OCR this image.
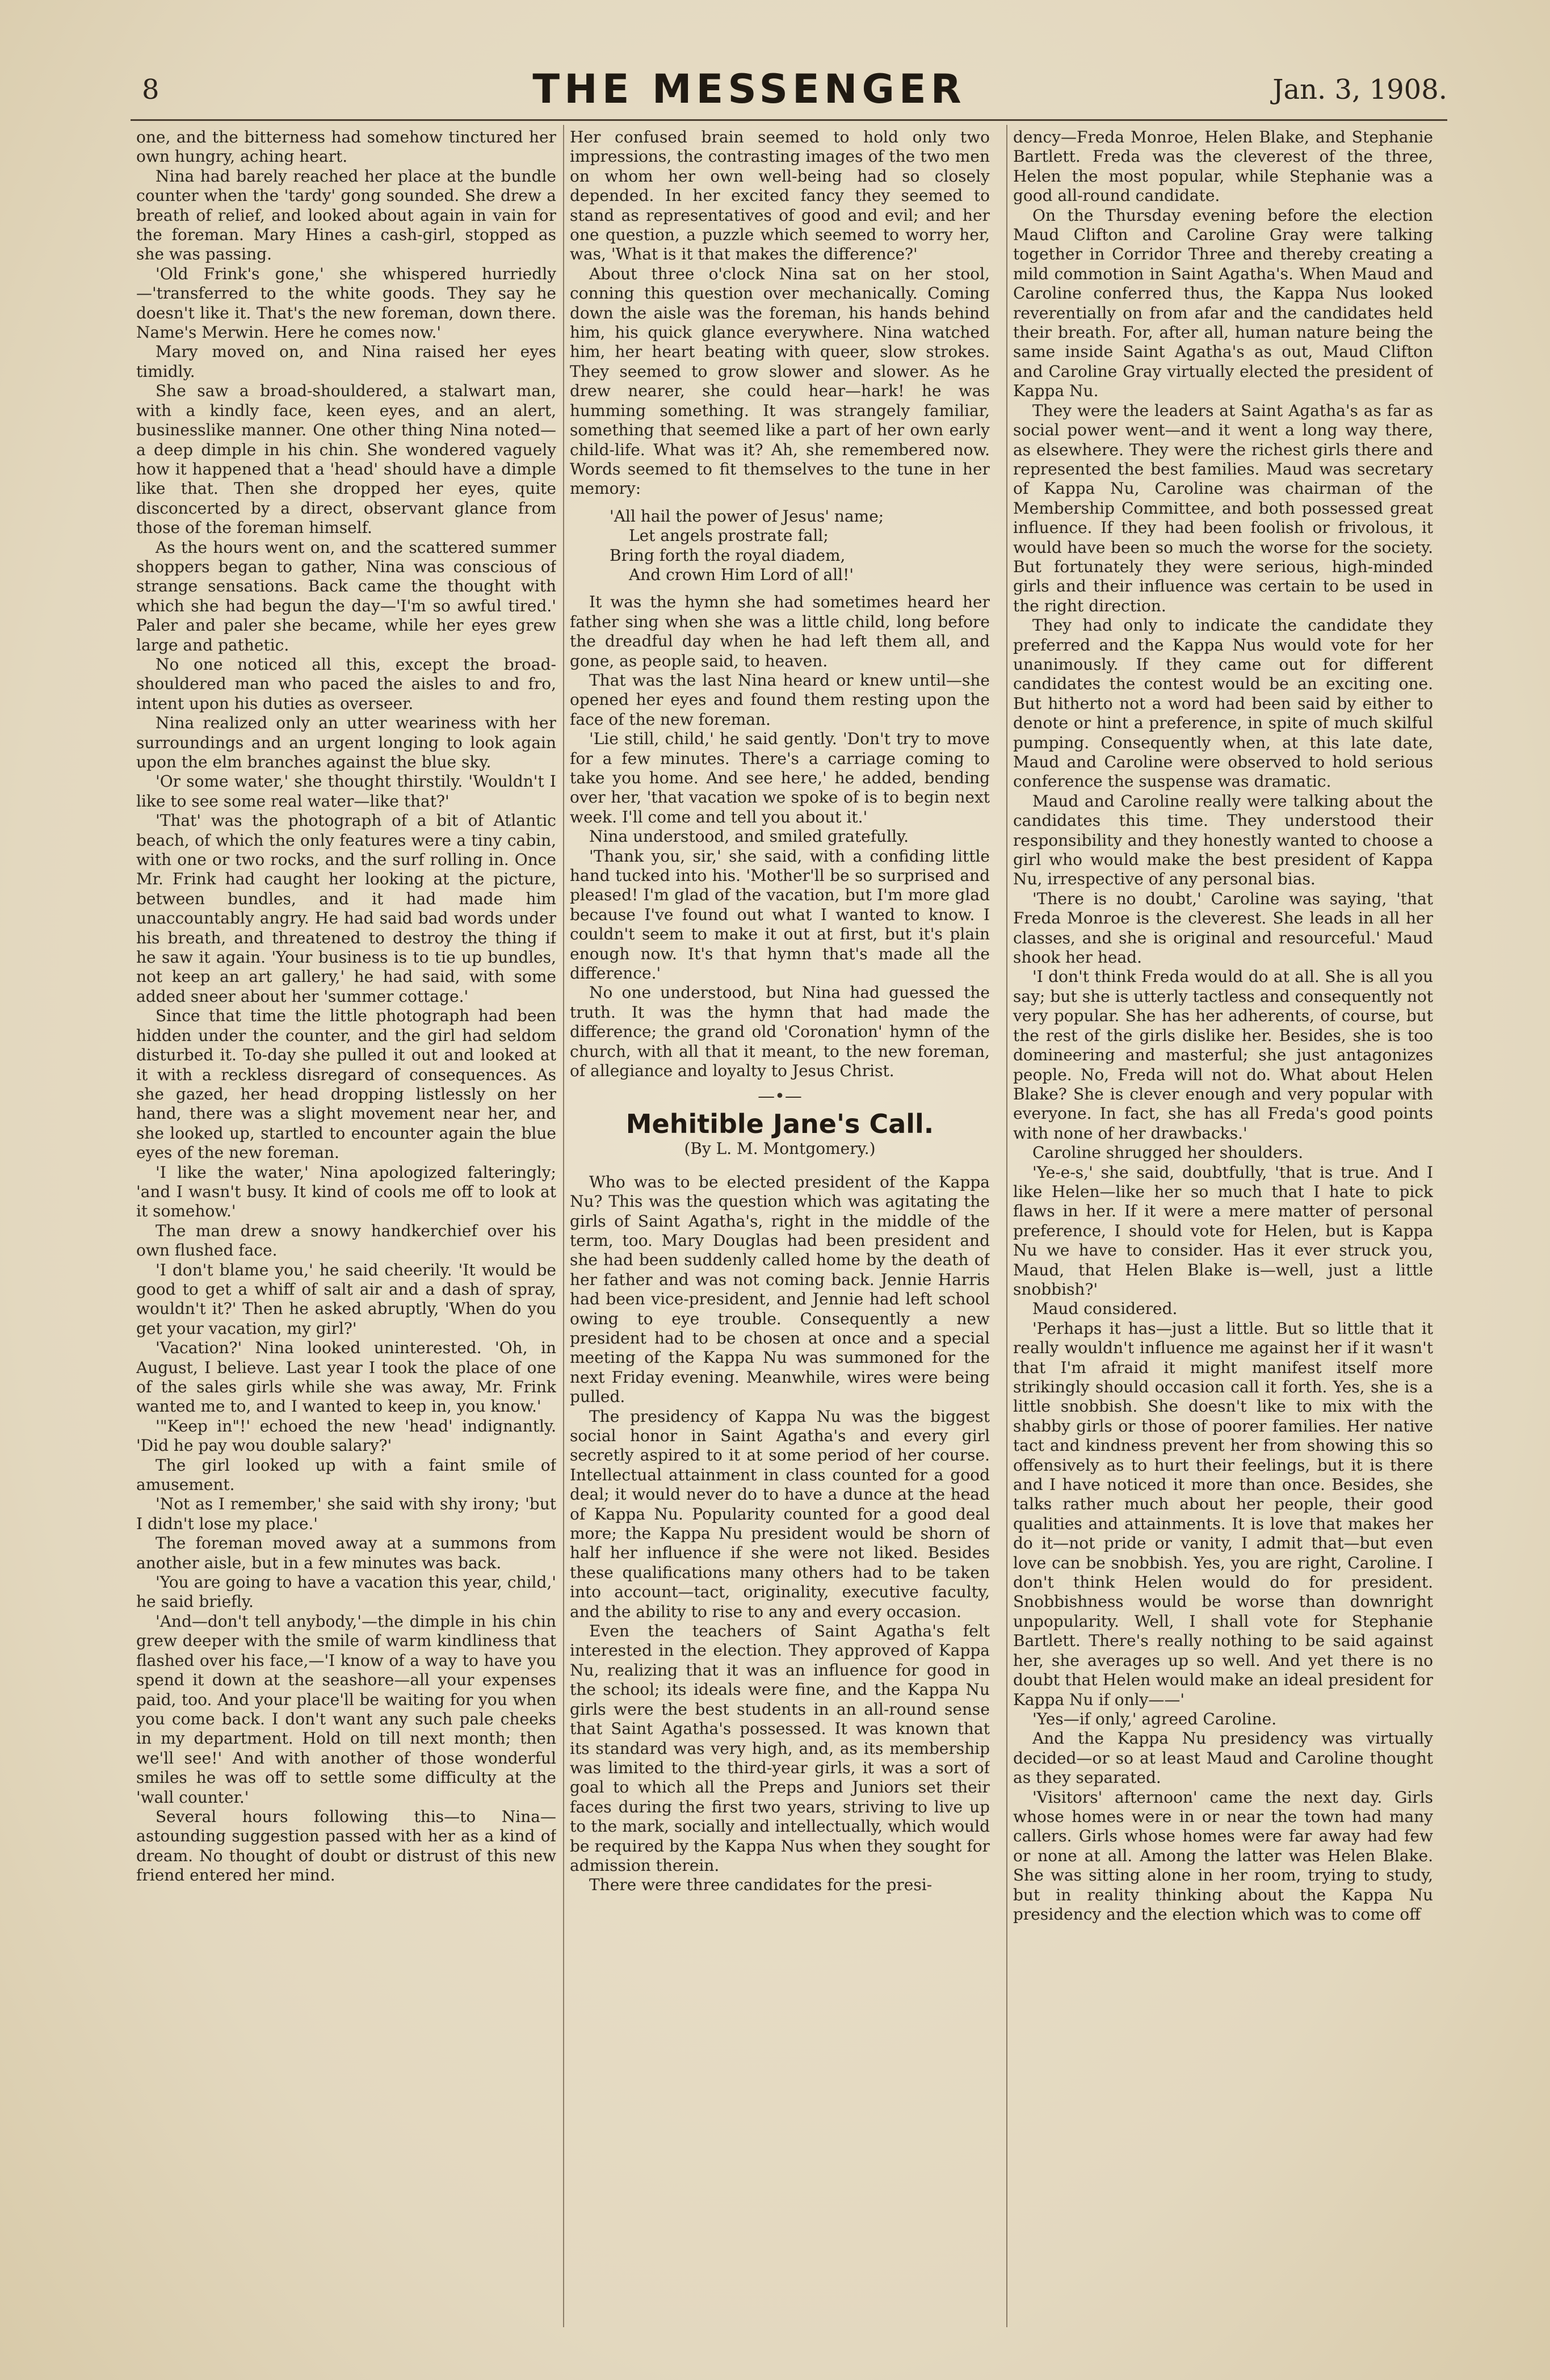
8	THE MESSENGER	Jan. 3, 1908.

one, and the bitterness had somehow tinctured her own hungry, aching heart.

Nina had barely reached her place at the bundle counter when the 'tardy' gong sounded. She drew a breath of relief, and looked about again in vain for the foreman. Mary Hines a cash-girl, stopped as she was passing.

'Old Frink's gone,' she whispered hurriedly —'transferred to the white goods. They say he doesn't like it. That's the new foreman, down there. Name's Merwin. Here he comes now.'

Mary moved on, and Nina raised her eyes timidly.

She saw a broad-shouldered, a stalwart man, with a kindly face, keen eyes, and an alert, businesslike manner. One other thing Nina noted—a deep dimple in his chin. She wondered vaguely how it happened that a 'head' should have a dimple like that. Then she dropped her eyes, quite disconcerted by a direct, observant glance from those of the foreman himself.

As the hours went on, and the scattered summer shoppers began to gather, Nina was conscious of strange sensations. Back came the thought with which she had begun the day—'I'm so awful tired.' Paler and paler she became, while her eyes grew large and pathetic.

No one noticed all this, except the broad-shouldered man who paced the aisles to and fro, intent upon his duties as overseer.

Nina realized only an utter weariness with her surroundings and an urgent longing to look again upon the elm branches against the blue sky.

'Or some water,' she thought thirstily. 'Wouldn't I like to see some real water—like that?'

'That' was the photograph of a bit of Atlantic beach, of which the only features were a tiny cabin, with one or two rocks, and the surf rolling in. Once Mr. Frink had caught her looking at the picture, between bundles, and it had made him unaccountably angry. He had said bad words under his breath, and threatened to destroy the thing if he saw it again. 'Your business is to tie up bundles, not keep an art gallery,' he had said, with some added sneer about her 'summer cottage.'

Since that time the little photograph had been hidden under the counter, and the girl had seldom disturbed it. To-day she pulled it out and looked at it with a reckless disregard of consequences. As she gazed, her head dropping listlessly on her hand, there was a slight movement near her, and she looked up, startled to encounter again the blue eyes of the new foreman.

'I like the water,' Nina apologized falteringly; 'and I wasn't busy. It kind of cools me off to look at it somehow.'

The man drew a snowy handkerchief over his own flushed face.

'I don't blame you,' he said cheerily. 'It would be good to get a whiff of salt air and a dash of spray, wouldn't it?' Then he asked abruptly, 'When do you get your vacation, my girl?'

'Vacation?' Nina looked uninterested. 'Oh, in August, I believe. Last year I took the place of one of the sales girls while she was away, Mr. Frink wanted me to, and I wanted to keep in, you know.'

'"Keep in"!' echoed the new 'head' indignantly. 'Did he pay wou double salary?'

The girl looked up with a faint smile of amusement.

'Not as I remember,' she said with shy irony; 'but I didn't lose my place.'

The foreman moved away at a summons from another aisle, but in a few minutes was back.

'You are going to have a vacation this year, child,' he said briefly.

'And—don't tell anybody,'—the dimple in his chin grew deeper with the smile of warm kindliness that flashed over his face,—'I know of a way to have you spend it down at the seashore—all your expenses paid, too. And your place'll be waiting for you when you come back. I don't want any such pale cheeks in my department. Hold on till next month; then we'll see!' And with another of those wonderful smiles he was off to settle some difficulty at the 'wall counter.'

Several hours following this—to Nina—astounding suggestion passed with her as a kind of dream. No thought of doubt or distrust of this new friend entered her mind.

Her confused brain seemed to hold only two impressions, the contrasting images of the two men on whom her own well-being had so closely depended. In her excited fancy they seemed to stand as representatives of good and evil; and her one question, a puzzle which seemed to worry her, was, 'What is it that makes the difference?'

About three o'clock Nina sat on her stool, conning this question over mechanically. Coming down the aisle was the foreman, his hands behind him, his quick glance everywhere. Nina watched him, her heart beating with queer, slow strokes. They seemed to grow slower and slower. As he drew nearer, she could hear—hark! he was humming something. It was strangely familiar, something that seemed like a part of her own early child-life. What was it? Ah, she remembered now. Words seemed to fit themselves to the tune in her memory:

'All hail the power of Jesus' name;
Let angels prostrate fall;
Bring forth the royal diadem,
And crown Him Lord of all!'

It was the hymn she had sometimes heard her father sing when she was a little child, long before the dreadful day when he had left them all, and gone, as people said, to heaven.

That was the last Nina heard or knew until—she opened her eyes and found them resting upon the face of the new foreman.

'Lie still, child,' he said gently. 'Don't try to move for a few minutes. There's a carriage coming to take you home. And see here,' he added, bending over her, 'that vacation we spoke of is to begin next week. I'll come and tell you about it.'

Nina understood, and smiled gratefully.

'Thank you, sir,' she said, with a confiding little hand tucked into his. 'Mother'll be so surprised and pleased! I'm glad of the vacation, but I'm more glad because I've found out what I wanted to know. I couldn't seem to make it out at first, but it's plain enough now. It's that hymn that's made all the difference.'

No one understood, but Nina had guessed the truth. It was the hymn that had made the difference; the grand old 'Coronation' hymn of the church, with all that it meant, to the new foreman, of allegiance and loyalty to Jesus Christ.

—•—
Mehitible Jane's Call.
(By L. M. Montgomery.)

Who was to be elected president of the Kappa Nu? This was the question which was agitating the girls of Saint Agatha's, right in the middle of the term, too. Mary Douglas had been president and she had been suddenly called home by the death of her father and was not coming back. Jennie Harris had been vice-president, and Jennie had left school owing to eye trouble. Consequently a new president had to be chosen at once and a special meeting of the Kappa Nu was summoned for the next Friday evening. Meanwhile, wires were being pulled.

The presidency of Kappa Nu was the biggest social honor in Saint Agatha's and every girl secretly aspired to it at some period of her course. Intellectual attainment in class counted for a good deal; it would never do to have a dunce at the head of Kappa Nu. Popularity counted for a good deal more; the Kappa Nu president would be shorn of half her influence if she were not liked. Besides these qualifications many others had to be taken into account—tact, originality, executive faculty, and the ability to rise to any and every occasion.

Even the teachers of Saint Agatha's felt interested in the election. They approved of Kappa Nu, realizing that it was an influence for good in the school; its ideals were fine, and the Kappa Nu girls were the best students in an all-round sense that Saint Agatha's possessed. It was known that its standard was very high, and, as its membership was limited to the third-year girls, it was a sort of goal to which all the Preps and Juniors set their faces during the first two years, striving to live up to the mark, socially and intellectually, which would be required by the Kappa Nus when they sought for admission therein.

There were three candidates for the presi-

dency—Freda Monroe, Helen Blake, and Stephanie Bartlett. Freda was the cleverest of the three, Helen the most popular, while Stephanie was a good all-round candidate.

On the Thursday evening before the election Maud Clifton and Caroline Gray were talking together in Corridor Three and thereby creating a mild commotion in Saint Agatha's. When Maud and Caroline conferred thus, the Kappa Nus looked reverentially on from afar and the candidates held their breath. For, after all, human nature being the same inside Saint Agatha's as out, Maud Clifton and Caroline Gray virtually elected the president of Kappa Nu.

They were the leaders at Saint Agatha's as far as social power went—and it went a long way there, as elsewhere. They were the richest girls there and represented the best families. Maud was secretary of Kappa Nu, Caroline was chairman of the Membership Committee, and both possessed great influence. If they had been foolish or frivolous, it would have been so much the worse for the society. But fortunately they were serious, high-minded girls and their influence was certain to be used in the right direction.

They had only to indicate the candidate they preferred and the Kappa Nus would vote for her unanimously. If they came out for different candidates the contest would be an exciting one. But hitherto not a word had been said by either to denote or hint a preference, in spite of much skilful pumping. Consequently when, at this late date, Maud and Caroline were observed to hold serious conference the suspense was dramatic.

Maud and Caroline really were talking about the candidates this time. They understood their responsibility and they honestly wanted to choose a girl who would make the best president of Kappa Nu, irrespective of any personal bias.

'There is no doubt,' Caroline was saying, 'that Freda Monroe is the cleverest. She leads in all her classes, and she is original and resourceful.' Maud shook her head.

'I don't think Freda would do at all. She is all you say; but she is utterly tactless and consequently not very popular. She has her adherents, of course, but the rest of the girls dislike her. Besides, she is too domineering and masterful; she just antagonizes people. No, Freda will not do. What about Helen Blake? She is clever enough and very popular with everyone. In fact, she has all Freda's good points with none of her drawbacks.'

Caroline shrugged her shoulders.

'Ye-e-s,' she said, doubtfully, 'that is true. And I like Helen—like her so much that I hate to pick flaws in her. If it were a mere matter of personal preference, I should vote for Helen, but is Kappa Nu we have to consider. Has it ever struck you, Maud, that Helen Blake is—well, just a little snobbish?'

Maud considered.

'Perhaps it has—just a little. But so little that it really wouldn't influence me against her if it wasn't that I'm afraid it might manifest itself more strikingly should occasion call it forth. Yes, she is a little snobbish. She doesn't like to mix with the shabby girls or those of poorer families. Her native tact and kindness prevent her from showing this so offensively as to hurt their feelings, but it is there and I have noticed it more than once. Besides, she talks rather much about her people, their good qualities and attainments. It is love that makes her do it—not pride or vanity, I admit that—but even love can be snobbish. Yes, you are right, Caroline. I don't think Helen would do for president. Snobbishness would be worse than downright unpopularity. Well, I shall vote for Stephanie Bartlett. There's really nothing to be said against her, she averages up so well. And yet there is no doubt that Helen would make an ideal president for Kappa Nu if only——'

'Yes—if only,' agreed Caroline.

And the Kappa Nu presidency was virtually decided—or so at least Maud and Caroline thought as they separated.

'Visitors' afternoon' came the next day. Girls whose homes were in or near the town had many callers. Girls whose homes were far away had few or none at all. Among the latter was Helen Blake. She was sitting alone in her room, trying to study, but in reality thinking about the Kappa Nu presidency and the election which was to come off
